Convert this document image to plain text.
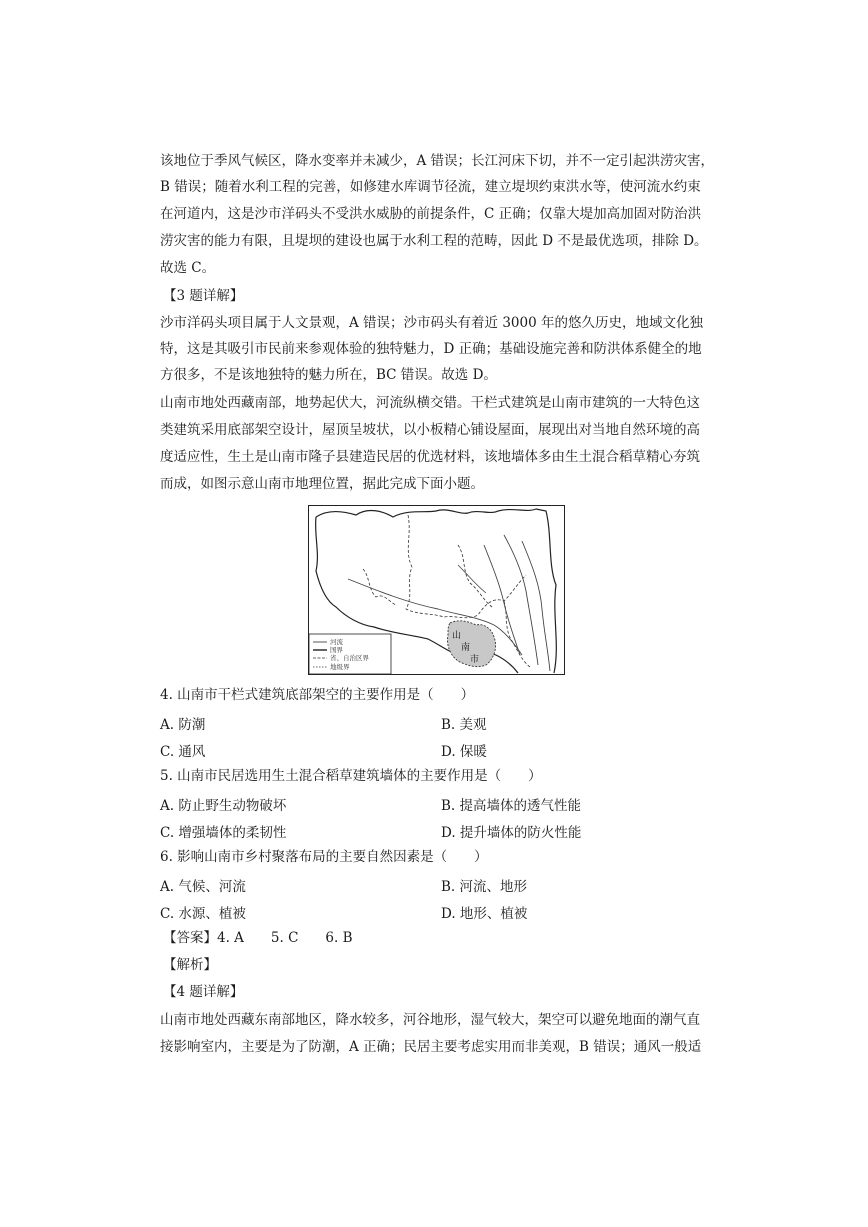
该地位于季风气候区，降水变率并未减少，A 错误；长江河床下切，并不一定引起洪涝灾害，
B 错误；随着水利工程的完善，如修建水库调节径流，建立堤坝约束洪水等，使河流水约束
在河道内，这是沙市洋码头不受洪水威胁的前提条件，C 正确；仅靠大堤加高加固对防治洪
涝灾害的能力有限，且堤坝的建设也属于水利工程的范畴，因此 D 不是最优选项，排除 D。
故选 C。
【3 题详解】
沙市洋码头项目属于人文景观，A 错误；沙市码头有着近 3000 年的悠久历史，地域文化独
特，这是其吸引市民前来参观体验的独特魅力，D 正确；基础设施完善和防洪体系健全的地
方很多，不是该地独特的魅力所在，BC 错误。故选 D。
山南市地处西藏南部，地势起伏大，河流纵横交错。干栏式建筑是山南市建筑的一大特色这
类建筑采用底部架空设计，屋顶呈坡状，以小板精心铺设屋面，展现出对当地自然环境的高
度适应性，生土是山南市隆子县建造民居的优选材料，该地墙体多由生土混合稻草精心夯筑
而成，如图示意山南市地理位置，据此完成下面小题。
山
南
市
河流
国界
省、自治区界
地级界
4. 山南市干栏式建筑底部架空的主要作用是（　　）
A. 防潮	B. 美观
C. 通风	D. 保暖
5. 山南市民居选用生土混合稻草建筑墙体的主要作用是（　　）
A. 防止野生动物破坏	B. 提高墙体的透气性能
C. 增强墙体的柔韧性	D. 提升墙体的防火性能
6. 影响山南市乡村聚落布局的主要自然因素是（　　）
A. 气候、河流	B. 河流、地形
C. 水源、植被	D. 地形、植被
【答案】4. A　　5. C　　6. B
【解析】
【4 题详解】
山南市地处西藏东南部地区，降水较多，河谷地形，湿气较大，架空可以避免地面的潮气直
接影响室内，主要是为了防潮，A 正确；民居主要考虑实用而非美观，B 错误；通风一般适
